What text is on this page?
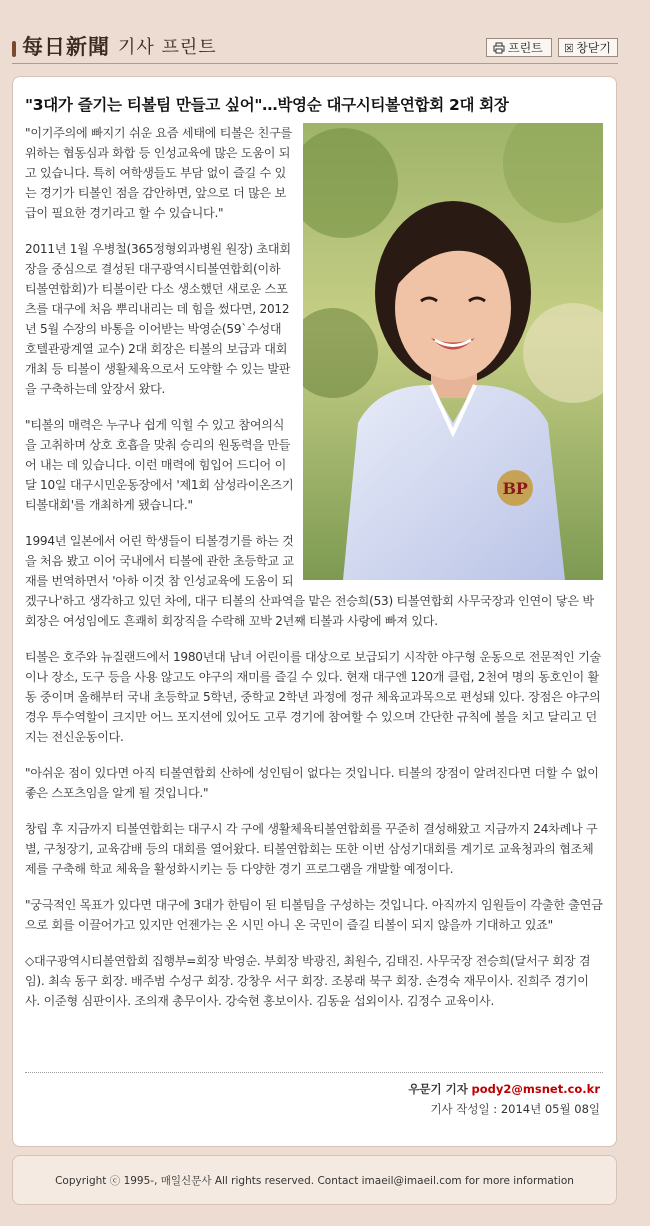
每日新聞 기사 프린트	프린트	창닫기
"3대가 즐기는 티볼팀 만들고 싶어"…박영순 대구시티볼연합회 2대 회장
BP

"이기주의에 빠지기 쉬운 요즘 세태에 티볼은 친구를 위하는 협동심과 화합 등 인성교육에 많은 도움이 되고 있습니다. 특히 여학생들도 부담 없이 즐길 수 있는 경기가 티볼인 점을 감안하면, 앞으로 더 많은 보급이 필요한 경기라고 할 수 있습니다."

2011년 1월 우병철(365정형외과병원 원장) 초대회장을 중심으로 결성된 대구광역시티볼연합회(이하 티볼연합회)가 티볼이란 다소 생소했던 새로운 스포츠를 대구에 처음 뿌리내리는 데 힘을 썼다면, 2012년 5월 수장의 바통을 이어받는 박영순(59`수성대 호텔관광계열 교수) 2대 회장은 티볼의 보급과 대회 개최 등 티볼이 생활체육으로서 도약할 수 있는 발판을 구축하는데 앞장서 왔다.

"티볼의 매력은 누구나 쉽게 익힐 수 있고 참여의식을 고취하며 상호 호흡을 맞춰 승리의 원동력을 만들어 내는 데 있습니다. 이런 매력에 힘입어 드디어 이달 10일 대구시민운동장에서 '제1회 삼성라이온즈기 티볼대회'를 개최하게 됐습니다."

1994년 일본에서 어린 학생들이 티볼경기를 하는 것을 처음 봤고 이어 국내에서 티볼에 관한 초등학교 교재를 번역하면서 '아하 이것 참 인성교육에 도움이 되겠구나'하고 생각하고 있던 차에, 대구 티볼의 산파역을 맡은 전승희(53) 티볼연합회 사무국장과 인연이 닿은 박 회장은 여성임에도 흔쾌히 회장직을 수락해 꼬박 2년째 티볼과 사랑에 빠져 있다.

티볼은 호주와 뉴질랜드에서 1980년대 남녀 어린이를 대상으로 보급되기 시작한 야구형 운동으로 전문적인 기술이나 장소, 도구 등을 사용 않고도 야구의 재미를 즐길 수 있다. 현재 대구엔 120개 클럽, 2천여 명의 동호인이 활동 중이며 올해부터 국내 초등학교 5학년, 중학교 2학년 과정에 정규 체육교과목으로 편성돼 있다. 장점은 야구의 경우 투수역할이 크지만 어느 포지션에 있어도 고루 경기에 참여할 수 있으며 간단한 규칙에 볼을 치고 달리고 던지는 전신운동이다.

"아쉬운 점이 있다면 아직 티볼연합회 산하에 성인팀이 없다는 것입니다. 티볼의 장점이 알려진다면 더할 수 없이 좋은 스포츠임을 알게 될 것입니다."

창립 후 지금까지 티볼연합회는 대구시 각 구에 생활체육티볼연합회를 꾸준히 결성해왔고 지금까지 24차례나 구별, 구청장기, 교육감배 등의 대회를 열어왔다. 티볼연합회는 또한 이번 삼성기대회를 계기로 교육청과의 협조체제를 구축해 학교 체육을 활성화시키는 등 다양한 경기 프로그램을 개발할 예정이다.

"궁극적인 목표가 있다면 대구에 3대가 한팀이 된 티볼팀을 구성하는 것입니다. 아직까지 임원들이 각출한 출연금으로 회를 이끌어가고 있지만 언젠가는 온 시민 아니 온 국민이 즐길 티볼이 되지 않을까 기대하고 있죠"

◇대구광역시티볼연합회 집행부=회장 박영순. 부회장 박광진, 최원수, 김태진. 사무국장 전승희(달서구 회장 겸임). 최속 동구 회장. 배주범 수성구 회장. 강창우 서구 회장. 조봉래 북구 회장. 손경숙 재무이사. 진희주 경기이사. 이준형 심판이사. 조의재 총무이사. 강숙현 홍보이사. 김동윤 섭외이사. 김정수 교육이사.

우문기 기자 pody2@msnet.co.kr
기사 작성일 : 2014년 05월 08일
Copyright ⓒ 1995-, 매일신문사 All rights reserved. Contact imaeil@imaeil.com for more information
